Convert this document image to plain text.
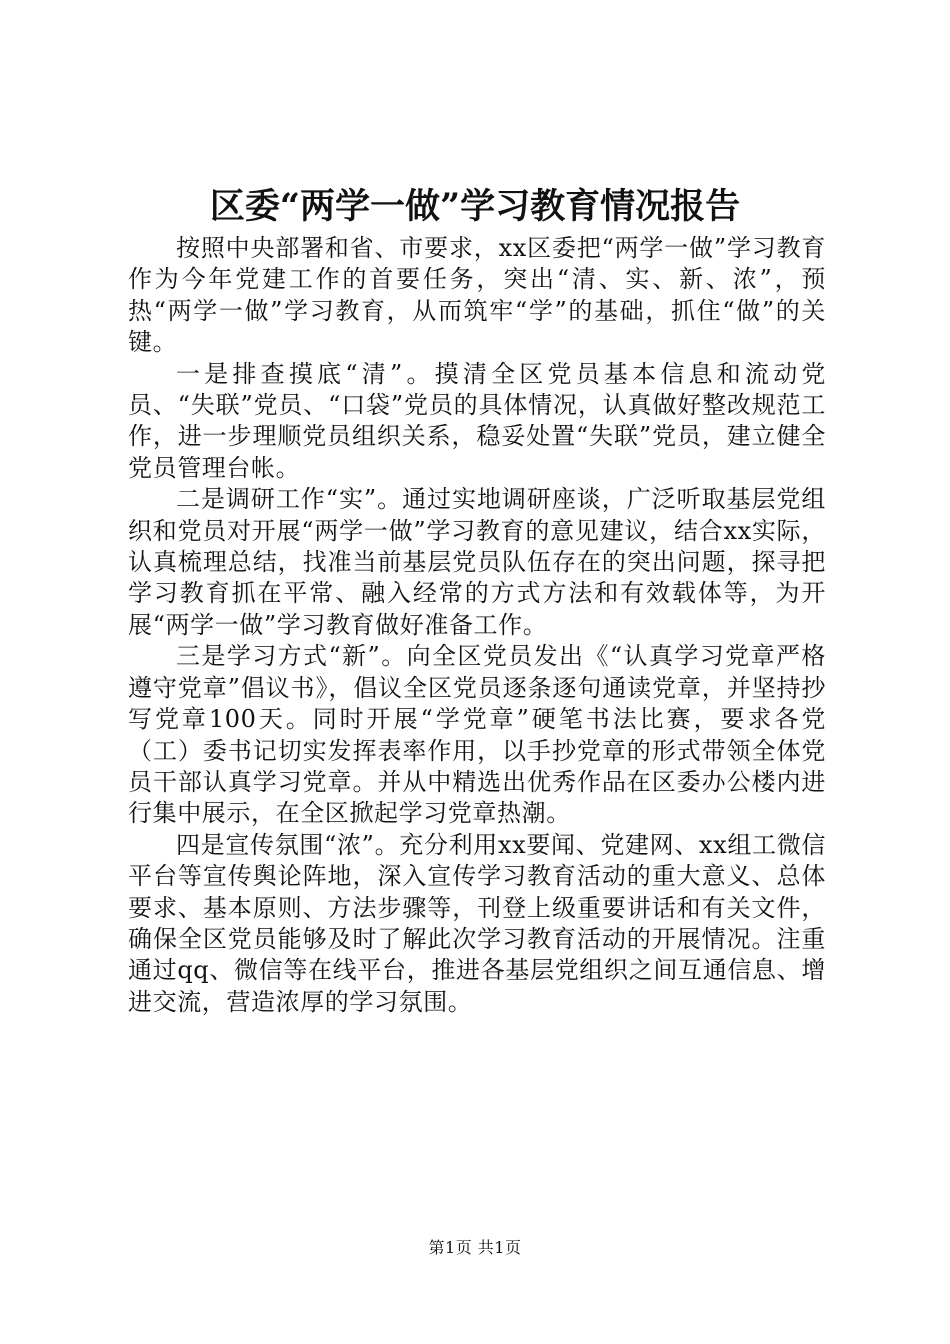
区委“两学一做”学习教育情况报告

按照中央部署和省、市要求，xx区委把“两学一做”学习教育作为今年党建工作的首要任务，突出“清、实、新、浓”，预热“两学一做”学习教育，从而筑牢“学”的基础，抓住“做”的关键。

一是排查摸底“清”。摸清全区党员基本信息和流动党员、“失联”党员、“口袋”党员的具体情况，认真做好整改规范工作，进一步理顺党员组织关系，稳妥处置“失联”党员，建立健全党员管理台帐。

二是调研工作“实”。通过实地调研座谈，广泛听取基层党组织和党员对开展“两学一做”学习教育的意见建议，结合xx实际，认真梳理总结，找准当前基层党员队伍存在的突出问题，探寻把学习教育抓在平常、融入经常的方式方法和有效载体等，为开展“两学一做”学习教育做好准备工作。

三是学习方式“新”。向全区党员发出《“认真学习党章严格遵守党章”倡议书》，倡议全区党员逐条逐句通读党章，并坚持抄写党章100天。同时开展“学党章”硬笔书法比赛，要求各党（工）委书记切实发挥表率作用，以手抄党章的形式带领全体党员干部认真学习党章。并从中精选出优秀作品在区委办公楼内进行集中展示，在全区掀起学习党章热潮。

四是宣传氛围“浓”。充分利用xx要闻、党建网、xx组工微信平台等宣传舆论阵地，深入宣传学习教育活动的重大意义、总体要求、基本原则、方法步骤等，刊登上级重要讲话和有关文件，确保全区党员能够及时了解此次学习教育活动的开展情况。注重通过qq、微信等在线平台，推进各基层党组织之间互通信息、增进交流，营造浓厚的学习氛围。

第1页 共1页
